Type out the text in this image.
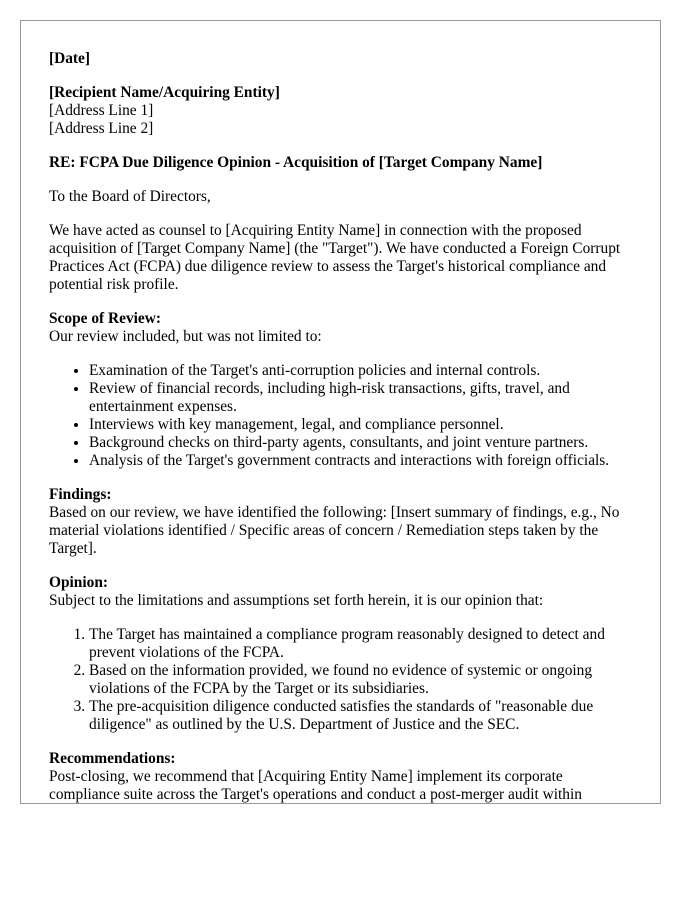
[Date]

[Recipient Name/Acquiring Entity]
[Address Line 1]
[Address Line 2]

RE: FCPA Due Diligence Opinion - Acquisition of [Target Company Name]

To the Board of Directors,

We have acted as counsel to [Acquiring Entity Name] in connection with the proposed acquisition of [Target Company Name] (the "Target"). We have conducted a Foreign Corrupt Practices Act (FCPA) due diligence review to assess the Target's historical compliance and potential risk profile.

Scope of Review:
Our review included, but was not limited to:
• Examination of the Target's anti-corruption policies and internal controls.
• Review of financial records, including high-risk transactions, gifts, travel, and entertainment expenses.
• Interviews with key management, legal, and compliance personnel.
• Background checks on third-party agents, consultants, and joint venture partners.
• Analysis of the Target's government contracts and interactions with foreign officials.
Findings:
Based on our review, we have identified the following: [Insert summary of findings, e.g., No material violations identified / Specific areas of concern / Remediation steps taken by the Target].
Opinion:
Subject to the limitations and assumptions set forth herein, it is our opinion that:
1. The Target has maintained a compliance program reasonably designed to detect and prevent violations of the FCPA.
2. Based on the information provided, we found no evidence of systemic or ongoing violations of the FCPA by the Target or its subsidiaries.
3. The pre-acquisition diligence conducted satisfies the standards of "reasonable due diligence" as outlined by the U.S. Department of Justice and the SEC.
Recommendations:
Post-closing, we recommend that [Acquiring Entity Name] implement its corporate compliance suite across the Target's operations and conduct a post-merger audit within
